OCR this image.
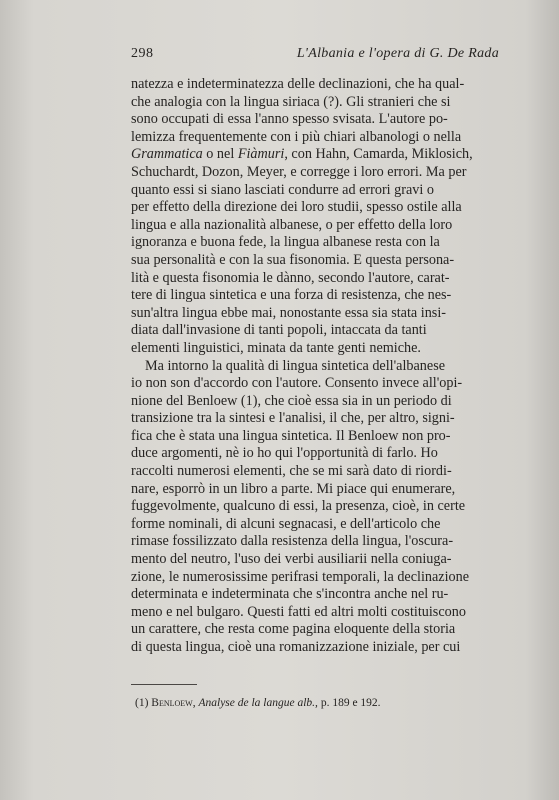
298	L'Albania e l'opera di G. De Rada
natezza e indeterminatezza delle declinazioni, che ha qual-
che analogia con la lingua siriaca (?). Gli stranieri che si
sono occupati di essa l'anno spesso svisata. L'autore po-
lemizza frequentemente con i più chiari albanologi o nella
Grammatica o nel Fiàmuri, con Hahn, Camarda, Miklosich,
Schuchardt, Dozon, Meyer, e corregge i loro errori. Ma per
quanto essi si siano lasciati condurre ad errori gravi o
per effetto della direzione dei loro studii, spesso ostile alla
lingua e alla nazionalità albanese, o per effetto della loro
ignoranza e buona fede, la lingua albanese resta con la
sua personalità e con la sua fisonomia. E questa persona-
lità e questa fisonomia le dànno, secondo l'autore, carat-
tere di lingua sintetica e una forza di resistenza, che nes-
sun'altra lingua ebbe mai, nonostante essa sia stata insi-
diata dall'invasione di tanti popoli, intaccata da tanti
elementi linguistici, minata da tante genti nemiche.
Ma intorno la qualità di lingua sintetica dell'albanese
io non son d'accordo con l'autore. Consento invece all'opi-
nione del Benloew (1), che cioè essa sia in un periodo di
transizione tra la sintesi e l'analisi, il che, per altro, signi-
fica che è stata una lingua sintetica. Il Benloew non pro-
duce argomenti, nè io ho qui l'opportunità di farlo. Ho
raccolti numerosi elementi, che se mi sarà dato di riordi-
nare, esporrò in un libro a parte. Mi piace qui enumerare,
fuggevolmente, qualcuno di essi, la presenza, cioè, in certe
forme nominali, di alcuni segnacasi, e dell'articolo che
rimase fossilizzato dalla resistenza della lingua, l'oscura-
mento del neutro, l'uso dei verbi ausiliarii nella coniuga-
zione, le numerosissime perifrasi temporali, la declinazione
determinata e indeterminata che s'incontra anche nel ru-
meno e nel bulgaro. Questi fatti ed altri molti costituiscono
un carattere, che resta come pagina eloquente della storia
di questa lingua, cioè una romanizzazione iniziale, per cui
(1) Benloew, Analyse de la langue alb., p. 189 e 192.
